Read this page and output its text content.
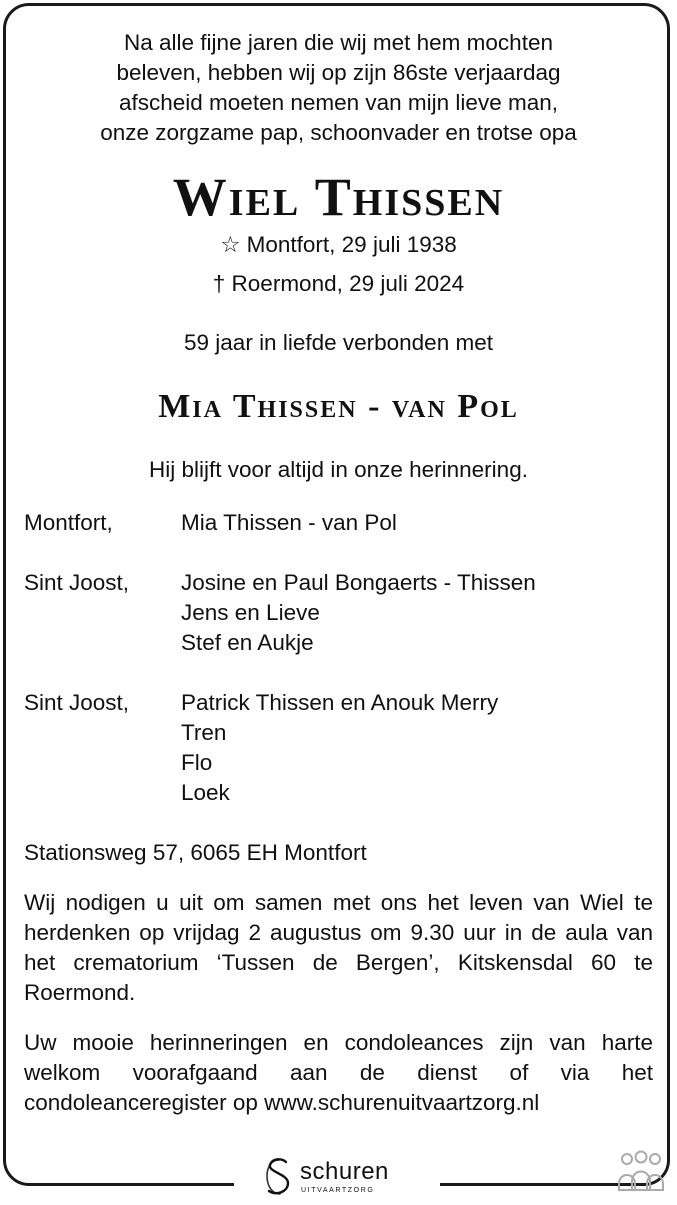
Na alle fijne jaren die wij met hem mochten
beleven, hebben wij op zijn 86ste verjaardag
afscheid moeten nemen van mijn lieve man,
onze zorgzame pap, schoonvader en trotse opa
Wiel Thissen
☆ Montfort, 29 juli 1938
† Roermond, 29 juli 2024
59 jaar in liefde verbonden met
Mia Thissen - van Pol
Hij blijft voor altijd in onze herinnering.
Montfort,	Mia Thissen - van Pol
Sint Joost, Josine en Paul Bongaerts - Thissen
Jens en Lieve
Stef en Aukje
Sint Joost, Patrick Thissen en Anouk Merry
Tren
Flo
Loek
Stationsweg 57, 6065 EH Montfort
Wij nodigen u uit om samen met ons het leven van Wiel te herdenken op vrijdag 2 augustus om 9.30 uur in de aula van het crematorium ‘Tussen de Bergen’, Kitskensdal 60 te Roermond.
Uw mooie herinneringen en condoleances zijn van harte welkom voorafgaand aan de dienst of via het condoleanceregister op www.schurenuitvaartzorg.nl
schuren
UITVAARTZORG
